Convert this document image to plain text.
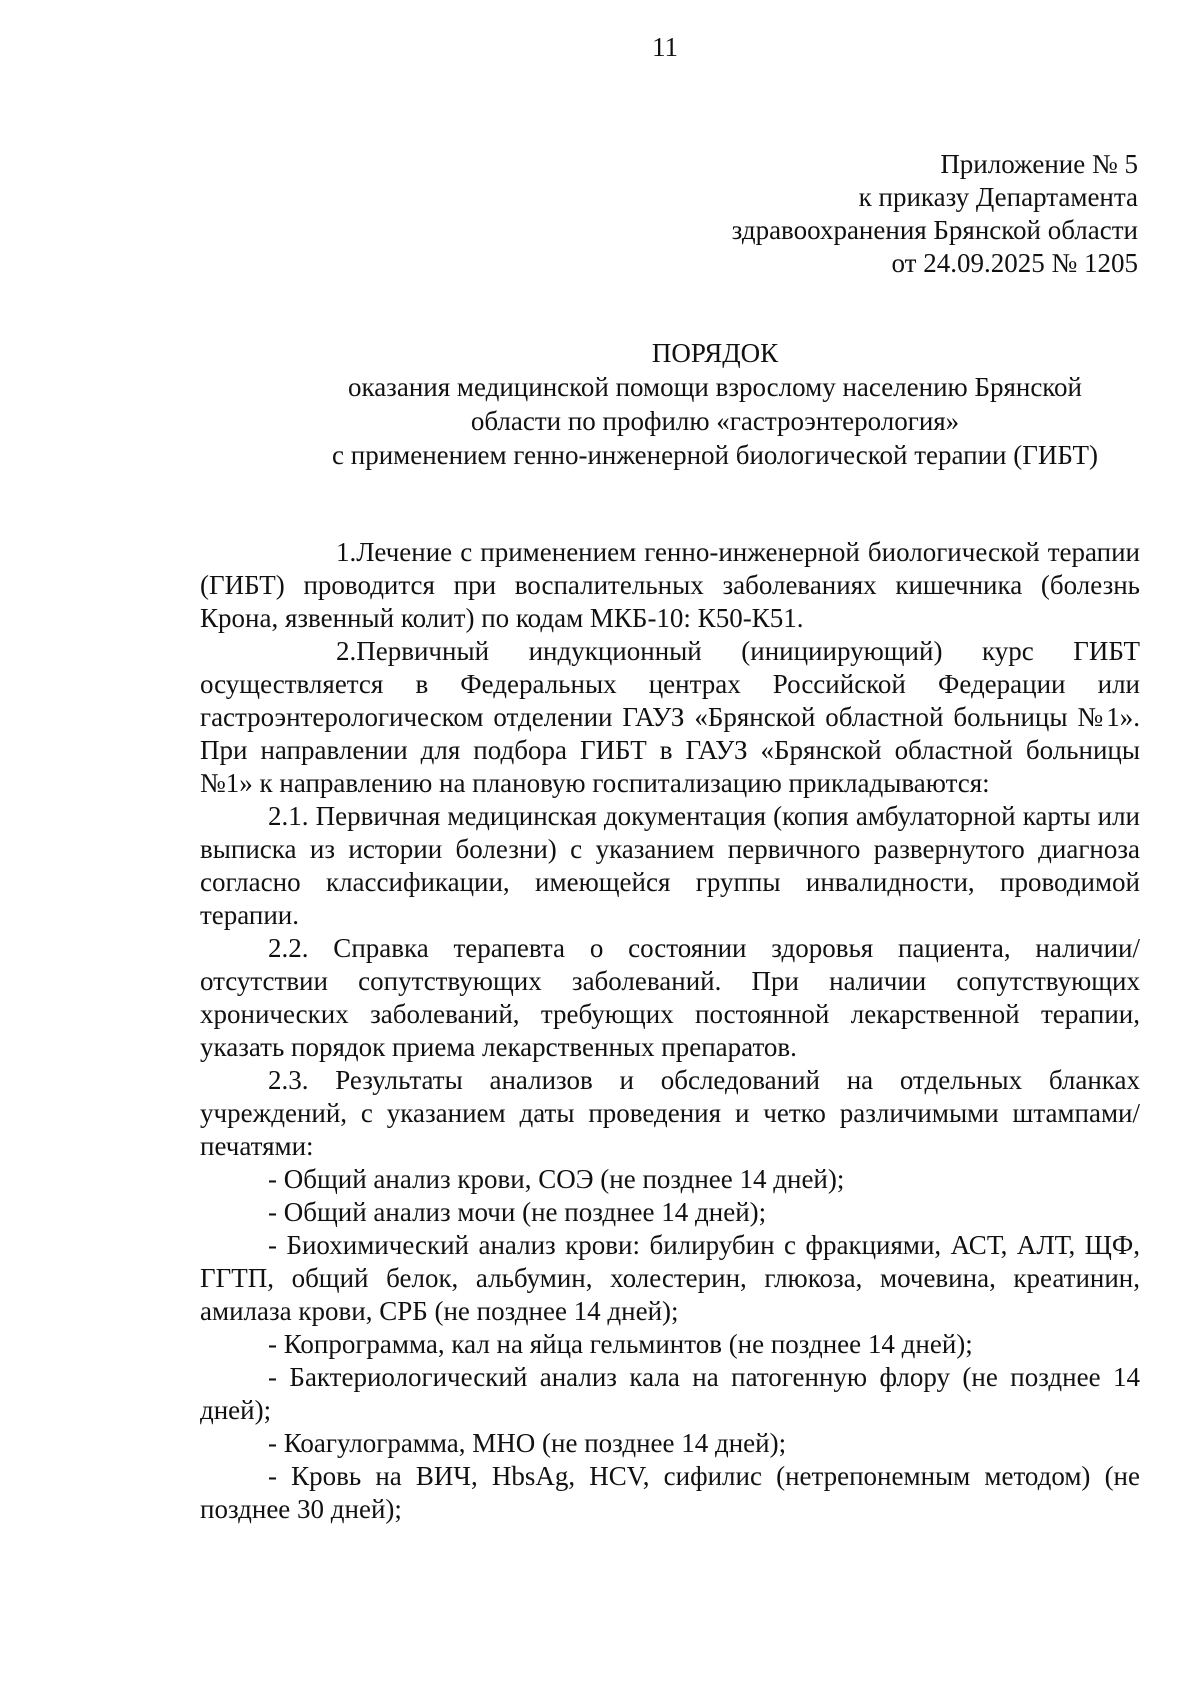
11
Приложение № 5
к приказу Департамента
здравоохранения Брянской области
от 24.09.2025 № 1205
ПОРЯДОК
оказания медицинской помощи взрослому населению Брянской
области по профилю «гастроэнтерология»
с применением генно-инженерной биологической терапии (ГИБТ)

1.Лечение с применением генно-инженерной биологической терапии (ГИБТ) проводится при воспалительных заболеваниях кишечника (болезнь Крона, язвенный колит) по кодам МКБ-10: К50-К51.

2.Первичный индукционный (инициирующий) курс ГИБТ осуществляется в Федеральных центрах Российской Федерации или гастроэнтерологическом отделении ГАУЗ «Брянской областной больницы №1». При направлении для подбора ГИБТ в ГАУЗ «Брянской областной больницы №1» к направлению на плановую госпитализацию прикладываются:

2.1. Первичная медицинская документация (копия амбулаторной карты или выписка из истории болезни) с указанием первичного развернутого диагноза согласно классификации, имеющейся группы инвалидности, проводимой терапии.

2.2. Справка терапевта о состоянии здоровья пациента, наличии/отсутствии сопутствующих заболеваний. При наличии сопутствующих хронических заболеваний, требующих постоянной лекарственной терапии, указать порядок приема лекарственных препаратов.

2.3. Результаты анализов и обследований на отдельных бланках учреждений, с указанием даты проведения и четко различимыми штампами/печатями:

- Общий анализ крови, СОЭ (не позднее 14 дней);

- Общий анализ мочи (не позднее 14 дней);

- Биохимический анализ крови: билирубин с фракциями, АСТ, АЛТ, ЩФ, ГГТП, общий белок, альбумин, холестерин, глюкоза, мочевина, креатинин, амилаза крови, СРБ (не позднее 14 дней);

- Копрограмма, кал на яйца гельминтов (не позднее 14 дней);

- Бактериологический анализ кала на патогенную флору (не позднее 14 дней);

- Коагулограмма, МНО (не позднее 14 дней);

- Кровь на ВИЧ, HbsAg, HCV, сифилис (нетрепонемным методом) (не позднее 30 дней);
